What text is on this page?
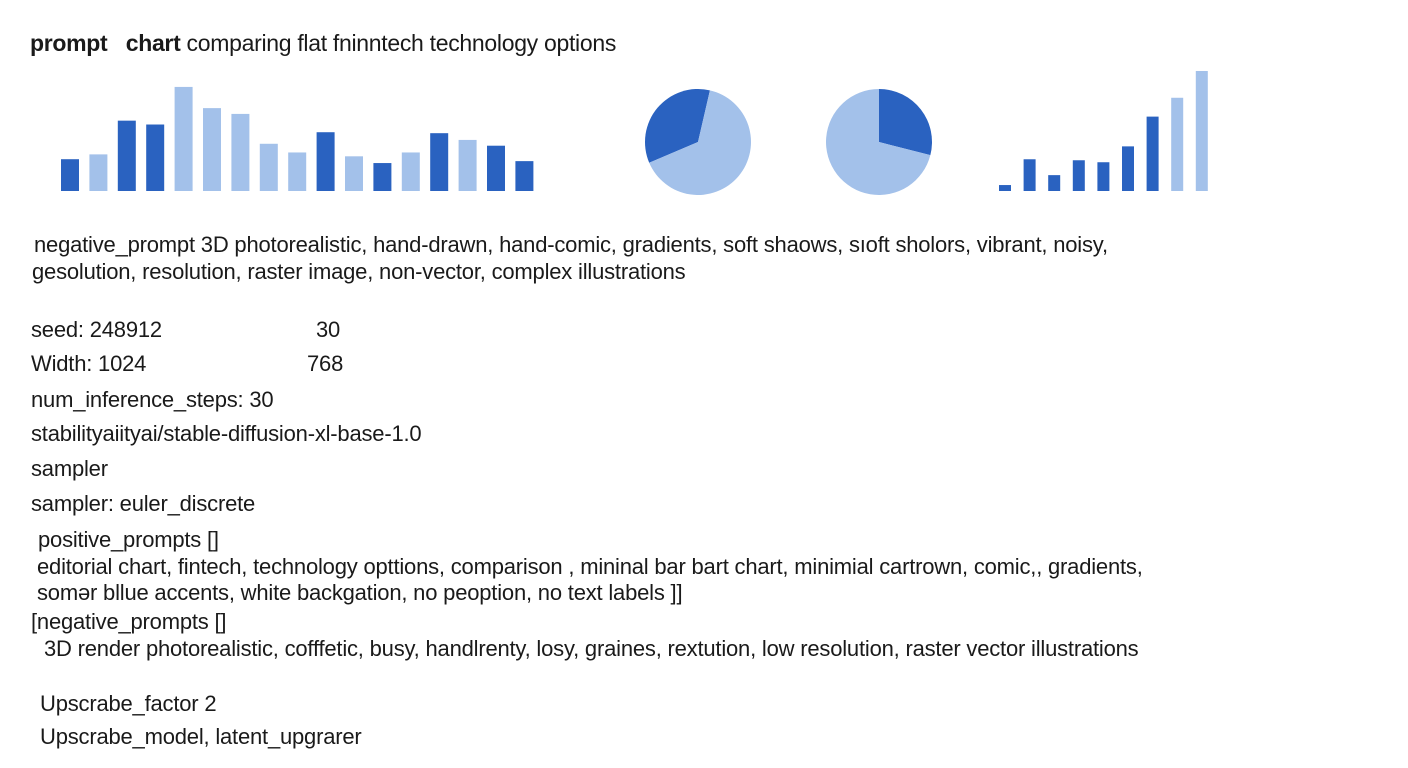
prompt chart comparing flat fninntech technology options
negative_prompt 3D photorealistic, hand-drawn, hand-comic, gradients, soft shaows, sıoft sholors, vibrant, noisy,
gesolution, resolution, raster image, non-vector, complex illustrations
seed: 248912	30
Width: 1024	768
num_inference_steps: 30
stabilityaiityai/stable-diffusion-xl-base-1.0
sampler
sampler: euler_discrete
positive_prompts []
editorial chart, fintech, technology opttions, comparison , mininal bar bart chart, minimial cartrown, comic,, gradients,
somər bllue accents, white backgation, no peoption, no text labels ]]
[negative_prompts []
3D render photorealistic, cofffetic, busy, handlrenty, losy, graines, rextution, low resolution, raster vector illustrations
Upscrabe_factor 2
Upscrabe_model, latent_upgrarer
